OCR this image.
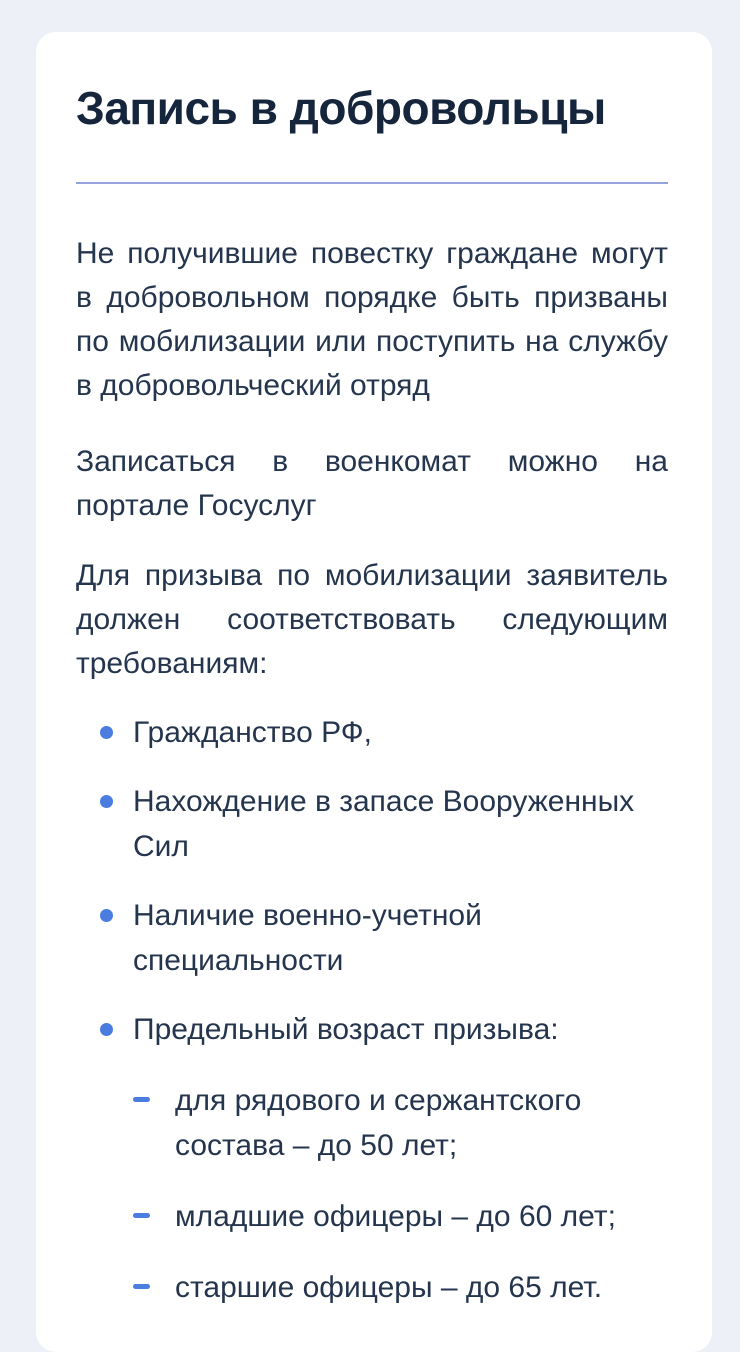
Запись в добровольцы

Не получившие повестку граждане могут в добровольном порядке быть призваны по мобилизации или поступить на службу в добровольческий отряд

Записаться в военкомат можно на портале Госуслуг

Для призыва по мобилизации заявитель должен соответствовать следующим требованиям:

Гражданство РФ,
Нахождение в запасе Вооруженных Сил
Наличие военно-учетной специальности
Предельный возраст призыва:
для рядового и сержантского состава – до 50 лет;
младшие офицеры – до 60 лет;
старшие офицеры – до 65 лет.
